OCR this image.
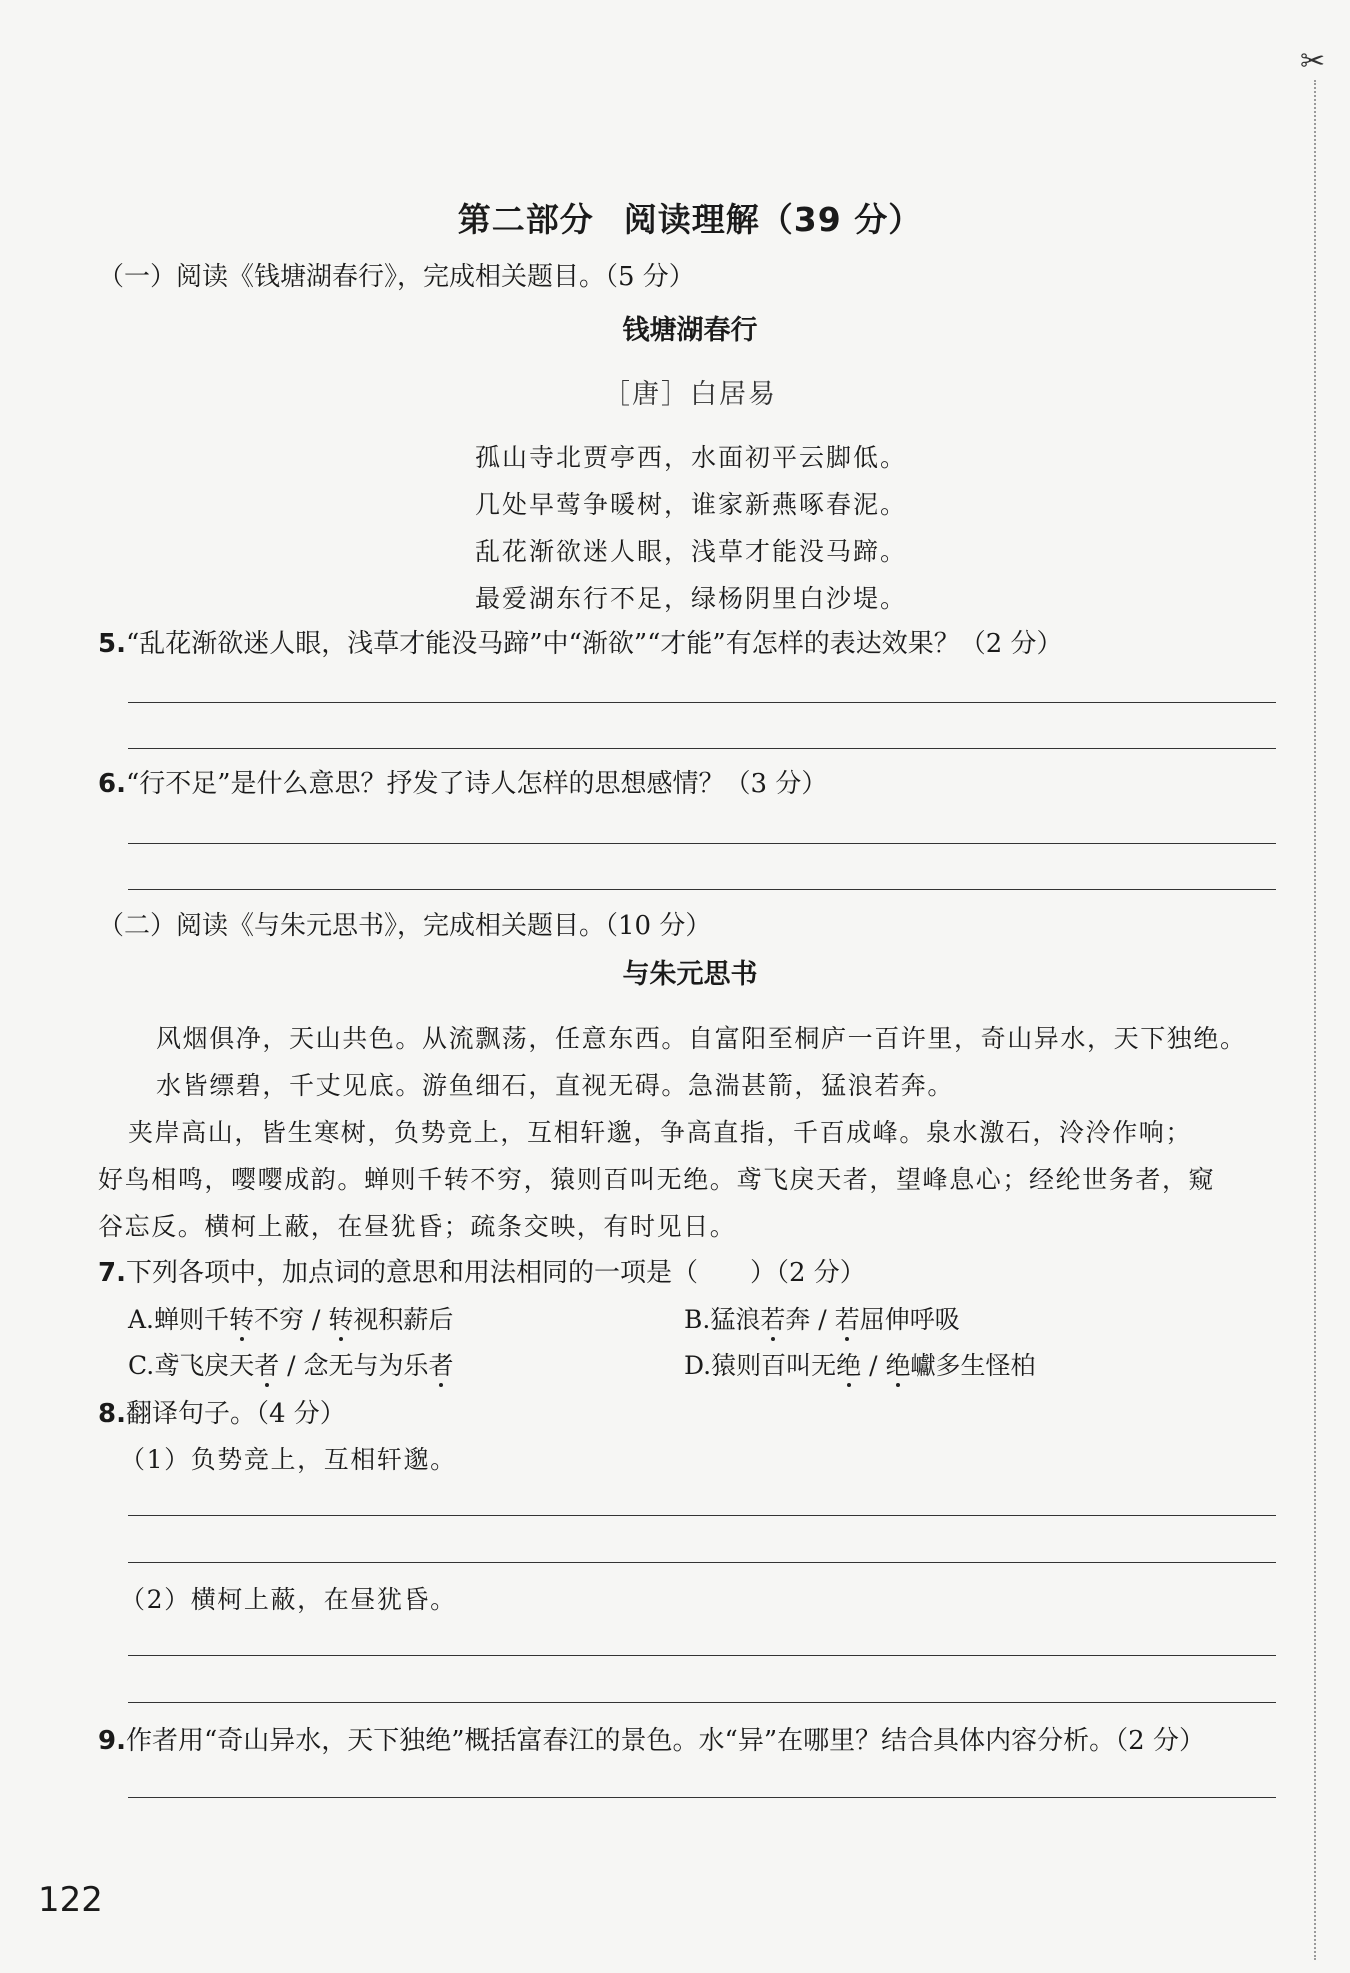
✂
第二部分 阅读理解（39 分）
（一）阅读《钱塘湖春行》，完成相关题目。（5 分）
钱塘湖春行
［唐］白居易
孤山寺北贾亭西，水面初平云脚低。
几处早莺争暖树，谁家新燕啄春泥。
乱花渐欲迷人眼，浅草才能没马蹄。
最爱湖东行不足，绿杨阴里白沙堤。
5.“乱花渐欲迷人眼，浅草才能没马蹄”中“渐欲”“才能”有怎样的表达效果？（2 分）
6.“行不足”是什么意思？抒发了诗人怎样的思想感情？（3 分）
（二）阅读《与朱元思书》，完成相关题目。（10 分）
与朱元思书
风烟俱净，天山共色。从流飘荡，任意东西。自富阳至桐庐一百许里，奇山异水，天下独绝。
水皆缥碧，千丈见底。游鱼细石，直视无碍。急湍甚箭，猛浪若奔。
夹岸高山，皆生寒树，负势竞上，互相轩邈，争高直指，千百成峰。泉水激石，泠泠作响；
好鸟相鸣，嘤嘤成韵。蝉则千转不穷，猿则百叫无绝。鸢飞戾天者，望峰息心；经纶世务者，窥
谷忘反。横柯上蔽，在昼犹昏；疏条交映，有时见日。
7.下列各项中，加点词的意思和用法相同的一项是（　　）（2 分）
A.蝉则千转不穷 / 转视积薪后	B.猛浪若奔 / 若屈伸呼吸
C.鸢飞戾天者 / 念无与为乐者	D.猿则百叫无绝 / 绝巘多生怪柏
8.翻译句子。（4 分）
（1）负势竞上，互相轩邈。
（2）横柯上蔽，在昼犹昏。
9.作者用“奇山异水，天下独绝”概括富春江的景色。水“异”在哪里？结合具体内容分析。（2 分）
122
